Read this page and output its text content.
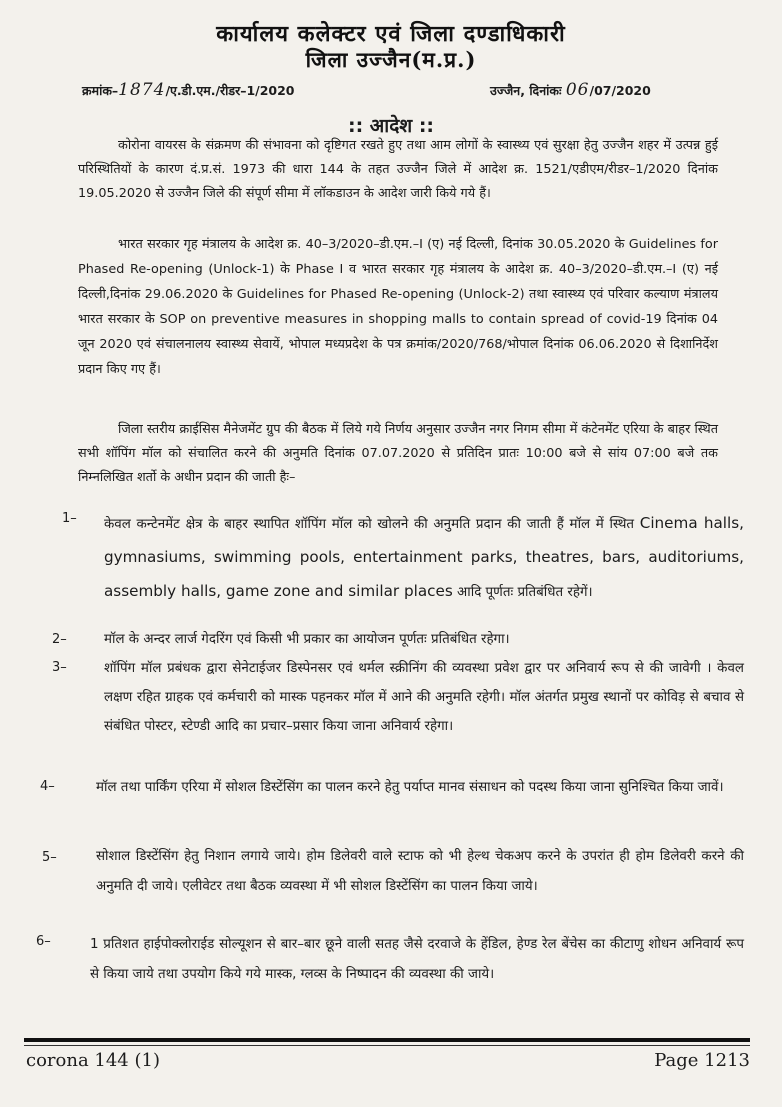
कार्यालय कलेक्टर एवं जिला दण्डाधिकारी
जिला उज्जैन(म.प्र.)
क्रमांक–1874/ए.डी.एम./रीडर–1/2020	उज्जैन, दिनांकः 06/07/2020
:: आदेश ::

कोरोना वायरस के संक्रमण की संभावना को दृष्टिगत रखते हुए तथा आम लोगों के स्वास्थ्य एवं सुरक्षा हेतु उज्जैन शहर में उत्पन्न हुई परिस्थितियों के कारण दं.प्र.सं. 1973 की धारा 144 के तहत उज्जैन जिले में आदेश क्र. 1521/एडीएम/रीडर–1/2020 दिनांक 19.05.2020 से उज्जैन जिले की संपूर्ण सीमा में लॉकडाउन के आदेश जारी किये गये हैं।

भारत सरकार गृह मंत्रालय के आदेश क्र. 40–3/2020–डी.एम.–I (ए) नई दिल्ली, दिनांक 30.05.2020 के Guidelines for Phased Re-opening (Unlock-1) के Phase I व भारत सरकार गृह मंत्रालय के आदेश क्र. 40–3/2020–डी.एम.–I (ए) नई दिल्ली,दिनांक 29.06.2020 के Guidelines for Phased Re-opening (Unlock-2) तथा स्वास्थ्य एवं परिवार कल्याण मंत्रालय भारत सरकार के SOP on preventive measures in shopping malls to contain spread of covid-19 दिनांक 04 जून 2020 एवं संचालनालय स्वास्थ्य सेवायें, भोपाल मध्यप्रदेश के पत्र क्रमांक/2020/768/भोपाल दिनांक 06.06.2020 से दिशानिर्देश प्रदान किए गए हैं।

जिला स्तरीय क्राईसिस मैनेजमेंट ग्रुप की बैठक में लिये गये निर्णय अनुसार उज्जैन नगर निगम सीमा में कंटेनमेंट एरिया के बाहर स्थित सभी शॉपिंग मॉल को संचालित करने की अनुमति दिनांक 07.07.2020 से प्रतिदिन प्रातः 10:00 बजे से सांय 07:00 बजे तक निम्नलिखित शर्तो के अधीन प्रदान की जाती हैः–

1– केवल कन्टेनमेंट क्षेत्र के बाहर स्थापित शॉपिंग मॉल को खोलने की अनुमति प्रदान की जाती हैं मॉल में स्थित Cinema halls, gymnasiums, swimming pools, entertainment parks, theatres, bars, auditoriums, assembly halls, game zone and similar places आदि पूर्णतः प्रतिबंधित रहेगें।

2–	मॉल के अन्दर लार्ज गेदरिंग एवं किसी भी प्रकार का आयोजन पूर्णतः प्रतिबंधित रहेगा।

3–	शॉपिंग मॉल प्रबंधक द्वारा सेनेटाईजर डिस्पेनसर एवं थर्मल स्क्रीनिंग की व्यवस्था प्रवेश द्वार पर अनिवार्य रूप से की जावेगी । केवल लक्षण रहित ग्राहक एवं कर्मचारी को मास्क पहनकर मॉल में आने की अनुमति रहेगी। मॉल अंतर्गत प्रमुख स्थानों पर कोविड़ से बचाव से संबंधित पोस्टर, स्टेण्डी आदि का प्रचार–प्रसार किया जाना अनिवार्य रहेगा।

4–	मॉल तथा पार्किंग एरिया में सोशल डिस्टेंसिंग का पालन करने हेतु पर्याप्त मानव संसाधन को पदस्थ किया जाना सुनिश्चित किया जावें।

5–	सोशाल डिस्टेंसिंग हेतु निशान लगाये जाये। होम डिलेवरी वाले स्टाफ को भी हेल्थ चेकअप करने के उपरांत ही होम डिलेवरी करने की अनुमति दी जाये। एलीवेटर तथा बैठक व्यवस्था में भी सोशल डिस्टेंसिंग का पालन किया जाये।

6–	1 प्रतिशत हाईपोक्लोराईड सोल्यूशन से बार–बार छूने वाली सतह जैसे दरवाजे के हेंडिल, हेण्ड रेल बेंचेस का कीटाणु शोधन अनिवार्य रूप से किया जाये तथा उपयोग किये गये मास्क, ग्लव्स के निष्पादन की व्यवस्था की जाये।

corona 144 (1)	Page 1213
